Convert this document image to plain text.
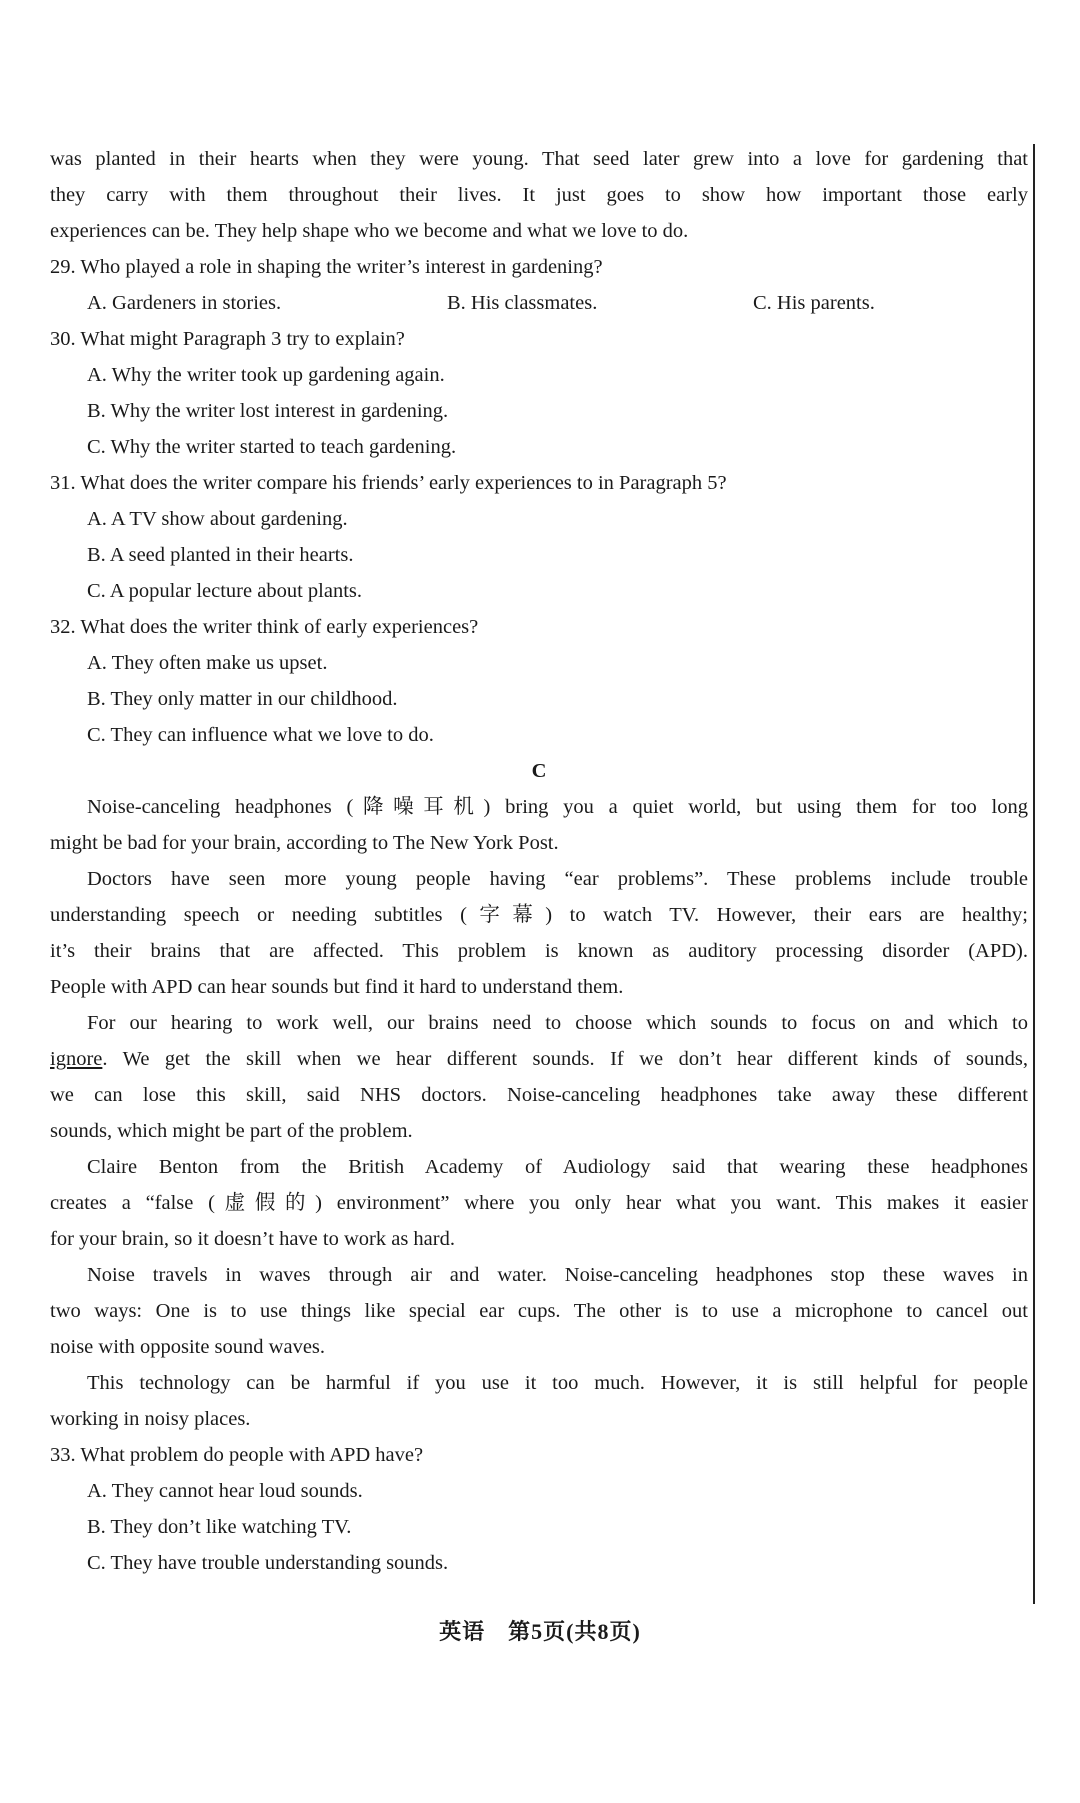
was planted in their hearts when they were young. That seed later grew into a love for gardening that
they carry with them throughout their lives. It just goes to show how important those early
experiences can be. They help shape who we become and what we love to do.
29. Who played a role in shaping the writer’s interest in gardening?
A. Gardeners in stories.	B. His classmates.	C. His parents.
30. What might Paragraph 3 try to explain?
A. Why the writer took up gardening again.
B. Why the writer lost interest in gardening.
C. Why the writer started to teach gardening.
31. What does the writer compare his friends’ early experiences to in Paragraph 5?
A. A TV show about gardening.
B. A seed planted in their hearts.
C. A popular lecture about plants.
32. What does the writer think of early experiences?
A. They often make us upset.
B. They only matter in our childhood.
C. They can influence what we love to do.
C
Noise-canceling headphones (降噪耳机) bring you a quiet world, but using them for too long
might be bad for your brain, according to The New York Post.
Doctors have seen more young people having “ear problems”. These problems include trouble
understanding speech or needing subtitles (字幕) to watch TV. However, their ears are healthy;
it’s their brains that are affected. This problem is known as auditory processing disorder (APD).
People with APD can hear sounds but find it hard to understand them.
For our hearing to work well, our brains need to choose which sounds to focus on and which to
ignore. We get the skill when we hear different sounds. If we don’t hear different kinds of sounds,
we can lose this skill, said NHS doctors. Noise-canceling headphones take away these different
sounds, which might be part of the problem.
Claire Benton from the British Academy of Audiology said that wearing these headphones
creates a “false (虚假的) environment” where you only hear what you want. This makes it easier
for your brain, so it doesn’t have to work as hard.
Noise travels in waves through air and water. Noise-canceling headphones stop these waves in
two ways: One is to use things like special ear cups. The other is to use a microphone to cancel out
noise with opposite sound waves.
This technology can be harmful if you use it too much. However, it is still helpful for people
working in noisy places.
33. What problem do people with APD have?
A. They cannot hear loud sounds.
B. They don’t like watching TV.
C. They have trouble understanding sounds.
英语　第5页(共8页)
